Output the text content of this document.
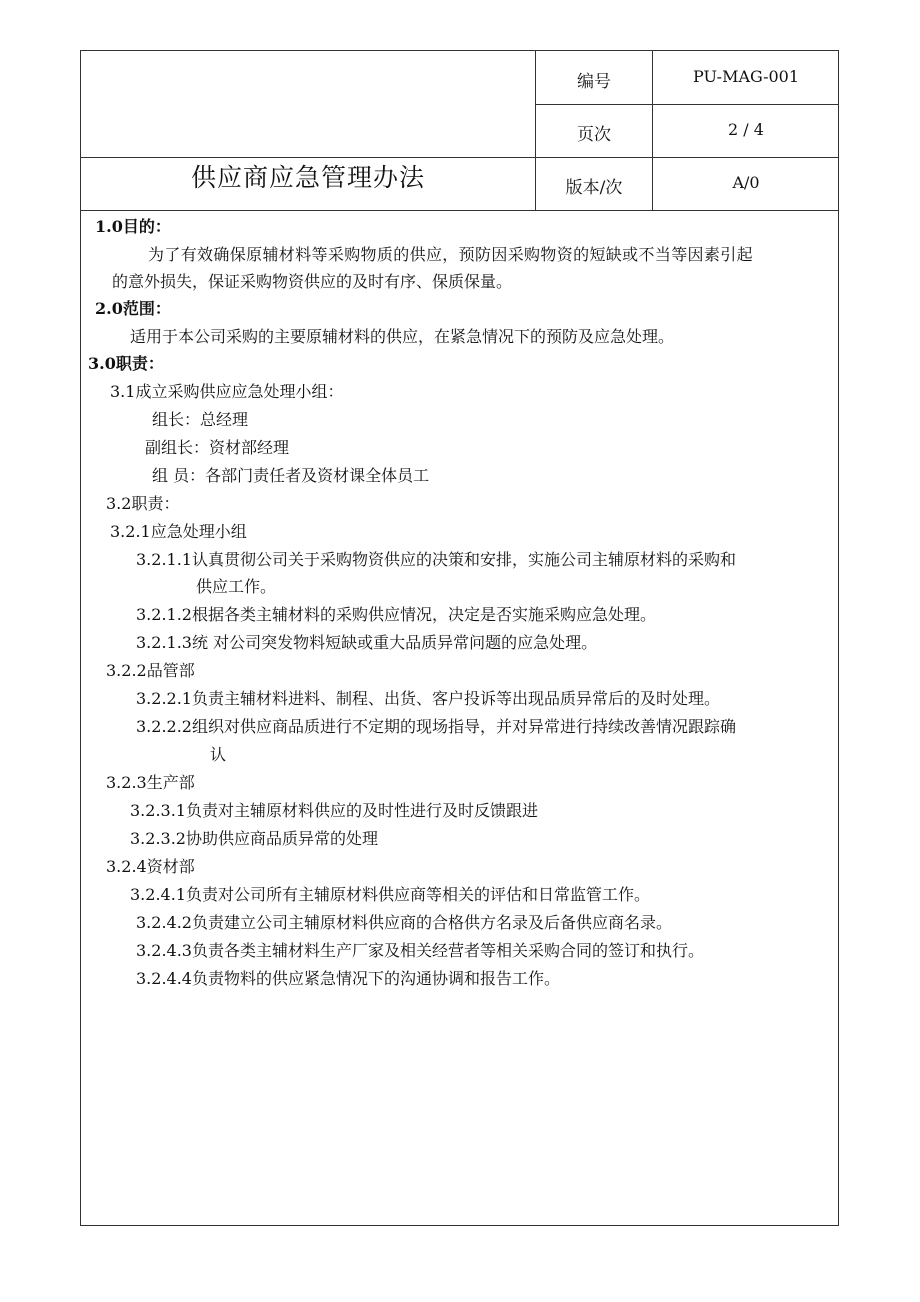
编号	PU-MAG-001
页次	2 / 4
版本/次	A/0
供应商应急管理办法
1.0目的：
为了有效确保原辅材料等采购物质的供应，预防因采购物资的短缺或不当等因素引起
的意外损失，保证采购物资供应的及时有序、保质保量。
2.0范围：
适用于本公司采购的主要原辅材料的供应，在紧急情况下的预防及应急处理。
3.0职责：
3.1成立采购供应应急处理小组：
组长：总经理
副组长：资材部经理
组 员：各部门责任者及资材课全体员工
3.2职责：
3.2.1应急处理小组
3.2.1.1认真贯彻公司关于采购物资供应的决策和安排，实施公司主辅原材料的采购和
供应工作。
3.2.1.2根据各类主辅材料的采购供应情况，决定是否实施采购应急处理。
3.2.1.3统 对公司突发物料短缺或重大品质异常问题的应急处理。
3.2.2品管部
3.2.2.1负责主辅材料进料、制程、出货、客户投诉等出现品质异常后的及时处理。
3.2.2.2组织对供应商品质进行不定期的现场指导，并对异常进行持续改善情况跟踪确
认
3.2.3生产部
3.2.3.1负责对主辅原材料供应的及时性进行及时反馈跟进
3.2.3.2协助供应商品质异常的处理
3.2.4资材部
3.2.4.1负责对公司所有主辅原材料供应商等相关的评估和日常监管工作。
3.2.4.2负责建立公司主辅原材料供应商的合格供方名录及后备供应商名录。
3.2.4.3负责各类主辅材料生产厂家及相关经营者等相关采购合同的签订和执行。
3.2.4.4负责物料的供应紧急情况下的沟通协调和报告工作。
